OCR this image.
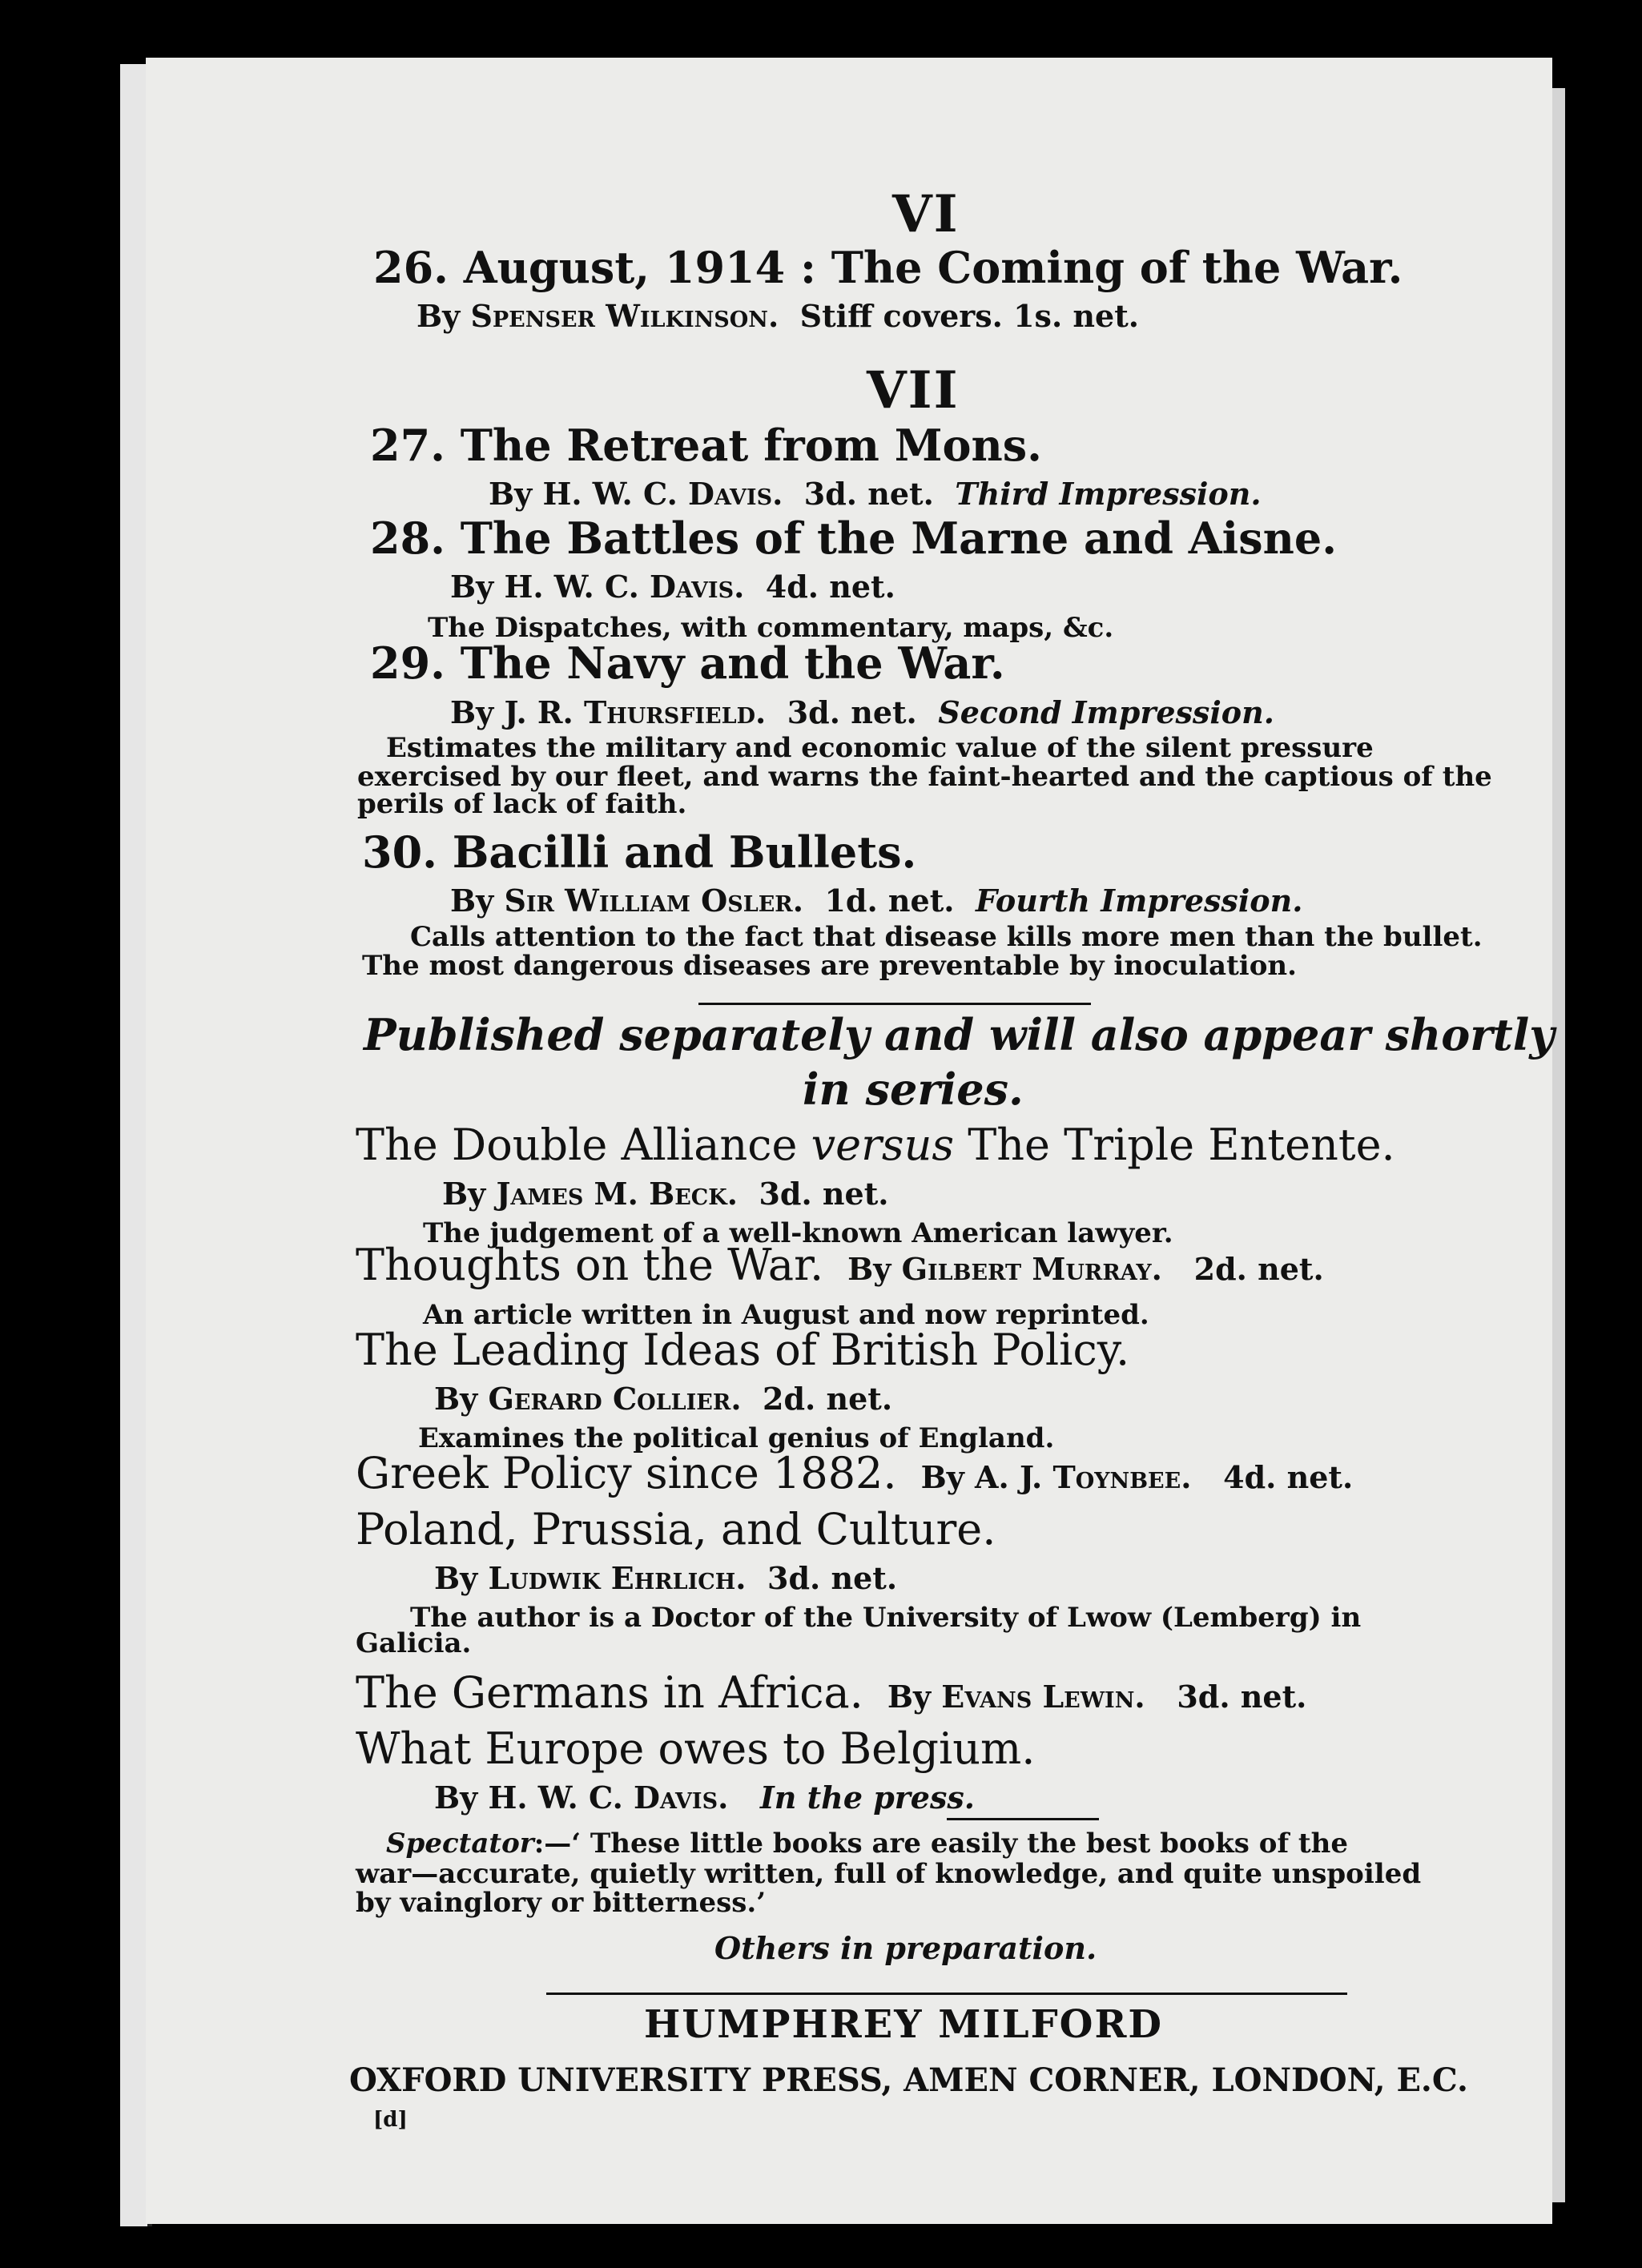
VI
26. August, 1914 : The Coming of the War.
By Spenser Wilkinson. Stiff covers. 1s. net.
VII
27. The Retreat from Mons.
By H. W. C. Davis. 3d. net. Third Impression.
28. The Battles of the Marne and Aisne.
By H. W. C. Davis. 4d. net.
The Dispatches, with commentary, maps, &c.
29. The Navy and the War.
By J. R. Thursfield. 3d. net. Second Impression.
Estimates the military and economic value of the silent pressure
exercised by our fleet, and warns the faint-hearted and the captious of the
perils of lack of faith.
30. Bacilli and Bullets.
By Sir William Osler. 1d. net. Fourth Impression.
Calls attention to the fact that disease kills more men than the bullet.
The most dangerous diseases are preventable by inoculation.
Published separately and will also appear shortly
in series.
The Double Alliance versus The Triple Entente.
By James M. Beck. 3d. net.
The judgement of a well-known American lawyer.
Thoughts on the War. By Gilbert Murray. 2d. net.
An article written in August and now reprinted.
The Leading Ideas of British Policy.
By Gerard Collier. 2d. net.
Examines the political genius of England.
Greek Policy since 1882. By A. J. Toynbee. 4d. net.
Poland, Prussia, and Culture.
By Ludwik Ehrlich. 3d. net.
The author is a Doctor of the University of Lwow (Lemberg) in
Galicia.
The Germans in Africa. By Evans Lewin. 3d. net.
What Europe owes to Belgium.
By H. W. C. Davis. In the press.
Spectator:—‘ These little books are easily the best books of the
war—accurate, quietly written, full of knowledge, and quite unspoiled
by vainglory or bitterness.’
Others in preparation.
HUMPHREY MILFORD
OXFORD UNIVERSITY PRESS, AMEN CORNER, LONDON, E.C.
[d]
